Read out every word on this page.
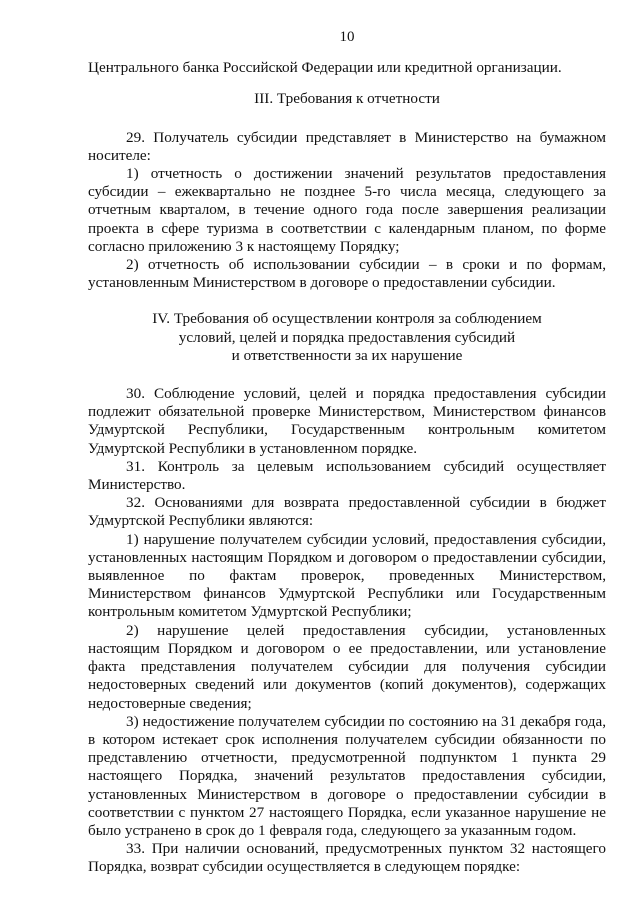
10

Центрального банка Российской Федерации или кредитной организации.

III. Требования к отчетности

29. Получатель субсидии представляет в Министерство на бумажном носителе:

1) отчетность о достижении значений результатов предоставления субсидии – ежеквартально не позднее 5-го числа месяца, следующего за отчетным кварталом, в течение одного года после завершения реализации проекта в сфере туризма в соответствии с календарным планом, по форме согласно приложению 3 к настоящему Порядку;

2) отчетность об использовании субсидии – в сроки и по формам, установленным Министерством в договоре о предоставлении субсидии.

IV. Требования об осуществлении контроля за соблюдением

условий, целей и порядка предоставления субсидий

и ответственности за их нарушение

30. Соблюдение условий, целей и порядка предоставления субсидии подлежит обязательной проверке Министерством, Министерством финансов Удмуртской Республики, Государственным контрольным комитетом Удмуртской Республики в установленном порядке.

31. Контроль за целевым использованием субсидий осуществляет Министерство.

32. Основаниями для возврата предоставленной субсидии в бюджет Удмуртской Республики являются:

1) нарушение получателем субсидии условий, предоставления субсидии, установленных настоящим Порядком и договором о предоставлении субсидии, выявленное по фактам проверок, проведенных Министерством, Министерством финансов Удмуртской Республики или Государственным контрольным комитетом Удмуртской Республики;

2) нарушение целей предоставления субсидии, установленных настоящим Порядком и договором о ее предоставлении, или установление факта представления получателем субсидии для получения субсидии недостоверных сведений или документов (копий документов), содержащих недостоверные сведения;

3) недостижение получателем субсидии по состоянию на 31 декабря года, в котором истекает срок исполнения получателем субсидии обязанности по представлению отчетности, предусмотренной подпунктом 1 пункта 29 настоящего Порядка, значений результатов предоставления субсидии, установленных Министерством в договоре о предоставлении субсидии в соответствии с пунктом 27 настоящего Порядка, если указанное нарушение не было устранено в срок до 1 февраля года, следующего за указанным годом.

33. При наличии оснований, предусмотренных пунктом 32 настоящего Порядка, возврат субсидии осуществляется в следующем порядке:
